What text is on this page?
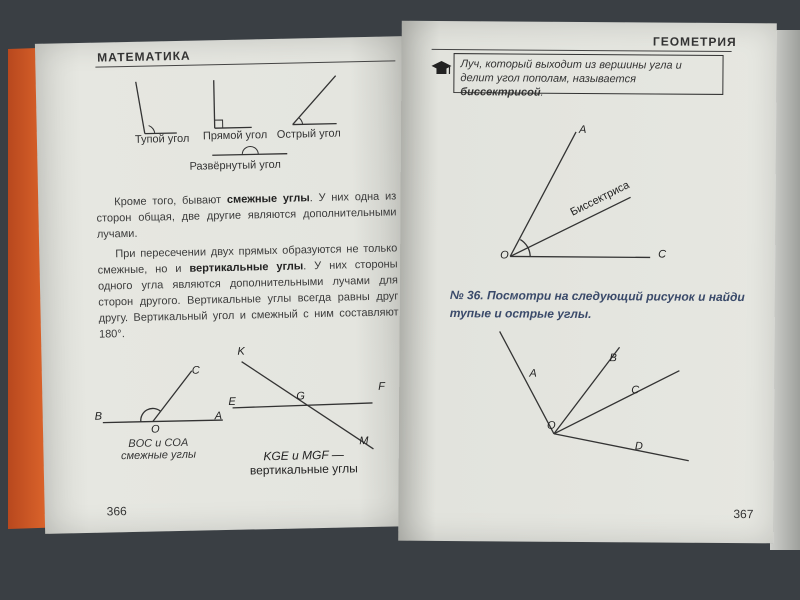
МАТЕМАТИКА
Тупой угол Прямой угол Острый угол
Развёрнутый угол
Кроме того, бывают смежные углы. У них одна из сторон общая, две другие являются дополнительными лучами.
При пересечении двух прямых образуются не только смежные, но и вертикальные углы. У них стороны одного угла являются дополнительными лучами для сторон другого. Вертикальные углы всегда равны друг другу. Вертикальный угол и смежный с ним составляют 180°.
C
B
O
A
BOC и COA
смежные углы
K
E	G
F
M
KGE и MGF —
вертикальные углы
366
ГЕОМЕТРИЯ
Луч, который выходит из вершины угла и делит угол пополам, называется биссектрисой.
A
O	C
Биссектриса
№ 36. Посмотри на следующий рисунок и найди тупые и острые углы.
A
B
C
O
D
367
